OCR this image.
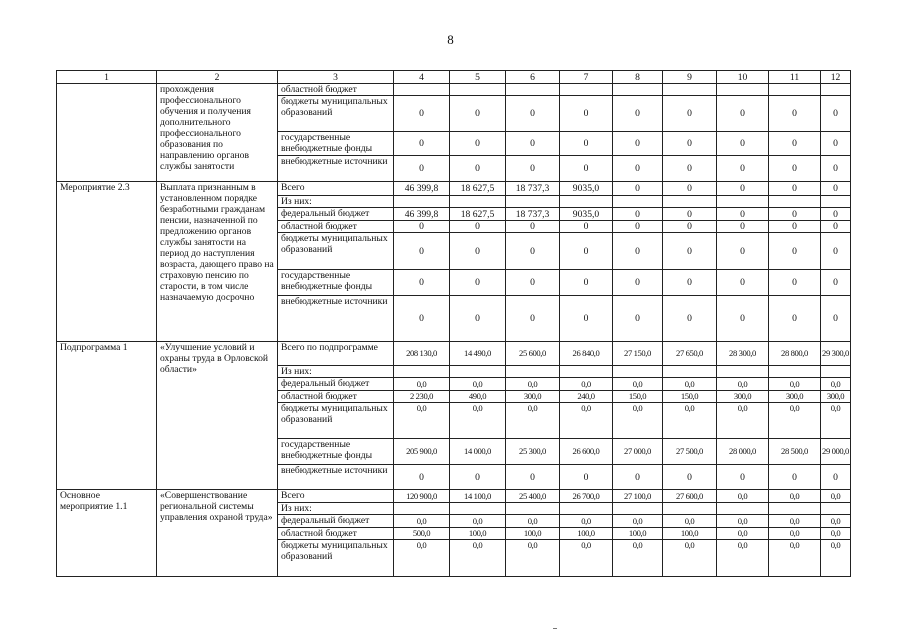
8
1	2	3	4	5	6	7	8	9	10	11	12
	прохождения профессионального обучения и получения дополнительного профессионального образования по направлению органов службы занятости	областной бюджет									
		бюджеты муниципальных образований	0	0	0	0	0	0	0	0	0
		государственные внебюджетные фонды	0	0	0	0	0	0	0	0	0
		внебюджетные источники	0	0	0	0	0	0	0	0	0
Мероприятие 2.3	Выплата признанным в установленном порядке безработными гражданам пенсии, назначенной по предложению органов службы занятости на период до наступления возраста, дающего право на страховую пенсию по старости, в том числе назначаемую досрочно	Всего	46 399,8	18 627,5	18 737,3	9035,0	0	0	0	0	0
		Из них:									
		федеральный бюджет	46 399,8	18 627,5	18 737,3	9035,0	0	0	0	0	0
		областной бюджет	0	0	0	0	0	0	0	0	0
		бюджеты муниципальных образований	0	0	0	0	0	0	0	0	0
		государственные внебюджетные фонды	0	0	0	0	0	0	0	0	0
		внебюджетные источники	0	0	0	0	0	0	0	0	0
Подпрограмма 1	«Улучшение условий и охраны труда в Орловской области»	Всего по подпрограмме	208 130,0	14 490,0	25 600,0	26 840,0	27 150,0	27 650,0	28 300,0	28 800,0	29 300,0
		Из них:									
		федеральный бюджет	0,0	0,0	0,0	0,0	0,0	0,0	0,0	0,0	0,0
		областной бюджет	2 230,0	490,0	300,0	240,0	150,0	150,0	300,0	300,0	300,0
		бюджеты муниципальных образований	0,0	0,0	0,0	0,0	0,0	0,0	0,0	0,0	0,0
		государственные внебюджетные фонды	205 900,0	14 000,0	25 300,0	26 600,0	27 000,0	27 500,0	28 000,0	28 500,0	29 000,0
		внебюджетные источники	0	0	0	0	0	0	0	0	0
Основное мероприятие 1.1	«Совершенствование региональной системы управления охраной труда»	Всего	120 900,0	14 100,0	25 400,0	26 700,0	27 100,0	27 600,0	0,0	0,0	0,0
		Из них:									
		федеральный бюджет	0,0	0,0	0,0	0,0	0,0	0,0	0,0	0,0	0,0
		областной бюджет	500,0	100,0	100,0	100,0	100,0	100,0	0,0	0,0	0,0
		бюджеты муниципальных образований	0,0	0,0	0,0	0,0	0,0	0,0	0,0	0,0	0,0
